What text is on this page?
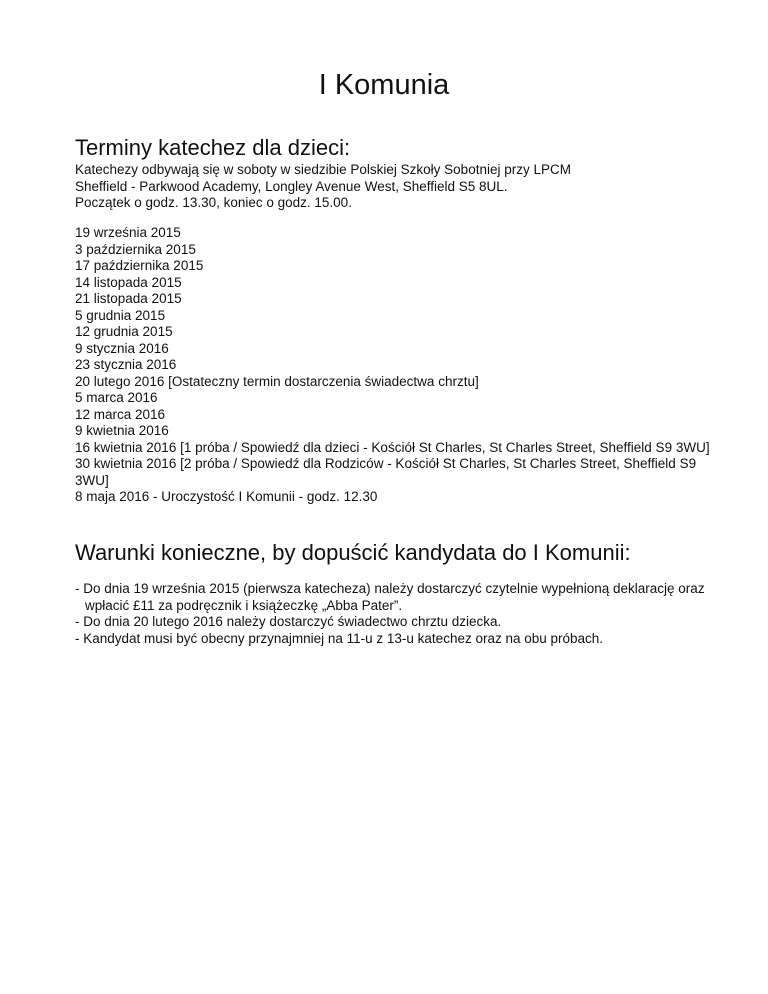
I Komunia
Terminy katechez dla dzieci:
Katechezy odbywają się w soboty w siedzibie Polskiej Szkoły Sobotniej przy LPCM
Sheffield - Parkwood Academy, Longley Avenue West, Sheffield S5 8UL.
Początek o godz. 13.30, koniec o godz. 15.00.
19 września 2015
3 października 2015
17 października 2015
14 listopada 2015
21 listopada 2015
5 grudnia 2015
12 grudnia 2015
9 stycznia 2016
23 stycznia 2016
20 lutego 2016 [Ostateczny termin dostarczenia świadectwa chrztu]
5 marca 2016
12 marca 2016
9 kwietnia 2016
16 kwietnia 2016 [1 próba / Spowiedź dla dzieci - Kościół St Charles, St Charles Street, Sheffield S9 3WU]
30 kwietnia 2016 [2 próba / Spowiedź dla Rodziców - Kościół St Charles, St Charles Street, Sheffield S9 3WU]
8 maja 2016 - Uroczystość I Komunii - godz. 12.30
Warunki konieczne, by dopuścić kandydata do I Komunii:
- Do dnia 19 września 2015 (pierwsza katecheza) należy dostarczyć czytelnie wypełnioną deklarację oraz wpłacić £11 za podręcznik i książeczkę „Abba Pater”.
- Do dnia 20 lutego 2016 należy dostarczyć świadectwo chrztu dziecka.
- Kandydat musi być obecny przynajmniej na 11-u z 13-u katechez oraz na obu próbach.
